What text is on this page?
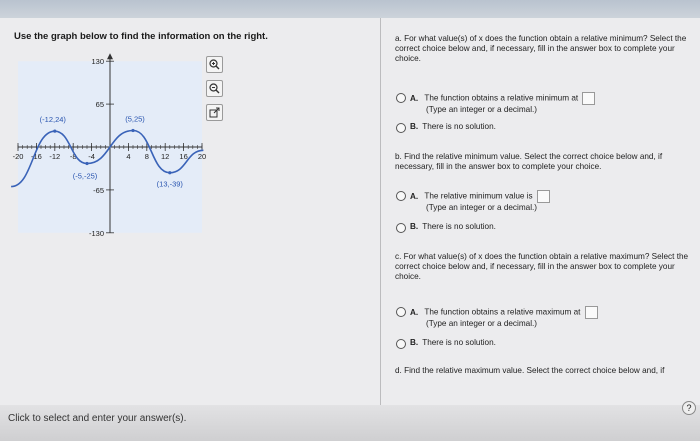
Use the graph below to find the information on the right.
-20 -16 -12 -8 -4	4 8 12 16 20
130
65
-65
-130
(-12,24)	(5,25)
(-5,-25)
(13,-39)
a. For what value(s) of x does the function obtain a relative minimum? Select the correct choice below and, if necessary, fill in the answer box to complete your choice.
A. The function obtains a relative minimum at
(Type an integer or a decimal.)
B. There is no solution.
b. Find the relative minimum value. Select the correct choice below and, if necessary, fill in the answer box to complete your choice.
A. The relative minimum value is
(Type an integer or a decimal.)
B. There is no solution.
c. For what value(s) of x does the function obtain a relative maximum? Select the correct choice below and, if necessary, fill in the answer box to complete your choice.
A. The function obtains a relative maximum at
(Type an integer or a decimal.)
B. There is no solution.
d. Find the relative maximum value. Select the correct choice below and, if
Click to select and enter your answer(s).
?
